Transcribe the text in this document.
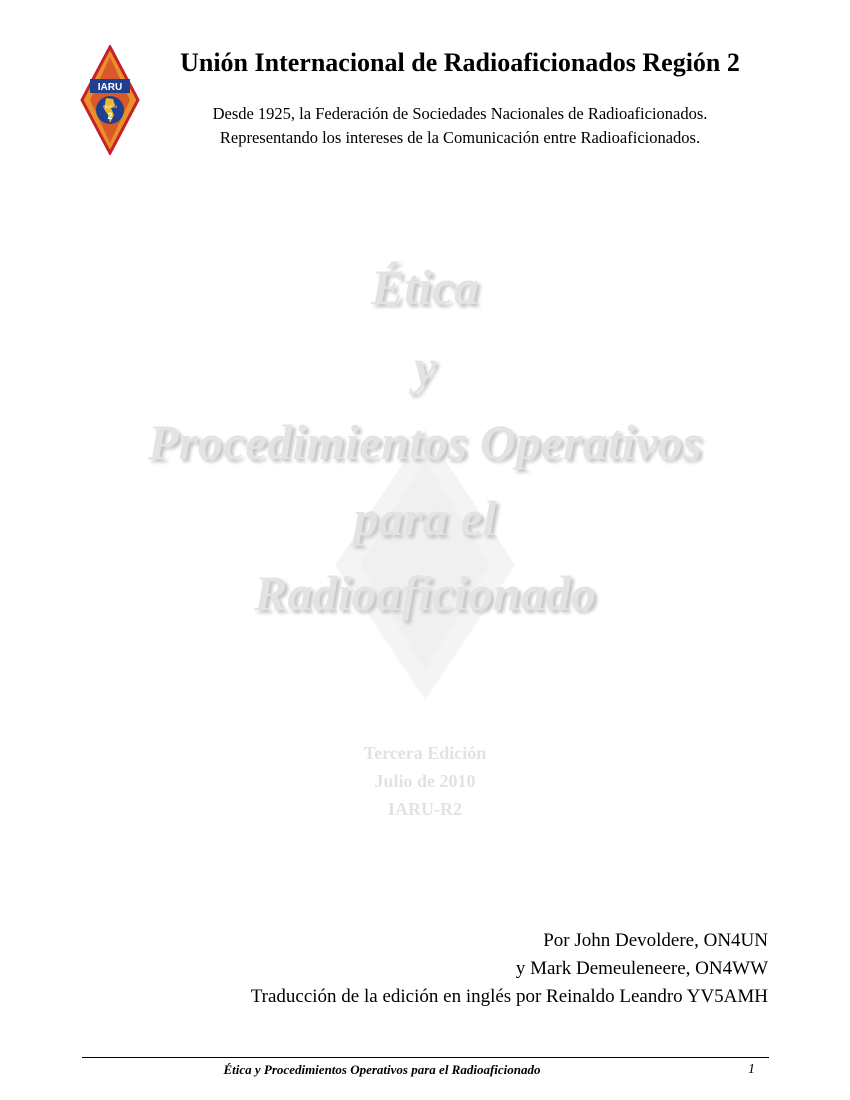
IARU
REGION
2
Unión Internacional de Radioaficionados Región 2
Desde 1925, la Federación de Sociedades Nacionales de Radioaficionados.
Representando los intereses de la Comunicación entre Radioaficionados.
Ética
y
Procedimientos Operativos
para el
Radioaficionado
Tercera Edición
Julio de 2010
IARU-R2
Por John Devoldere, ON4UN
y Mark Demeuleneere, ON4WW
Traducción de la edición en inglés por Reinaldo Leandro YV5AMH
Ética y Procedimientos Operativos para el Radioaficionado	1
